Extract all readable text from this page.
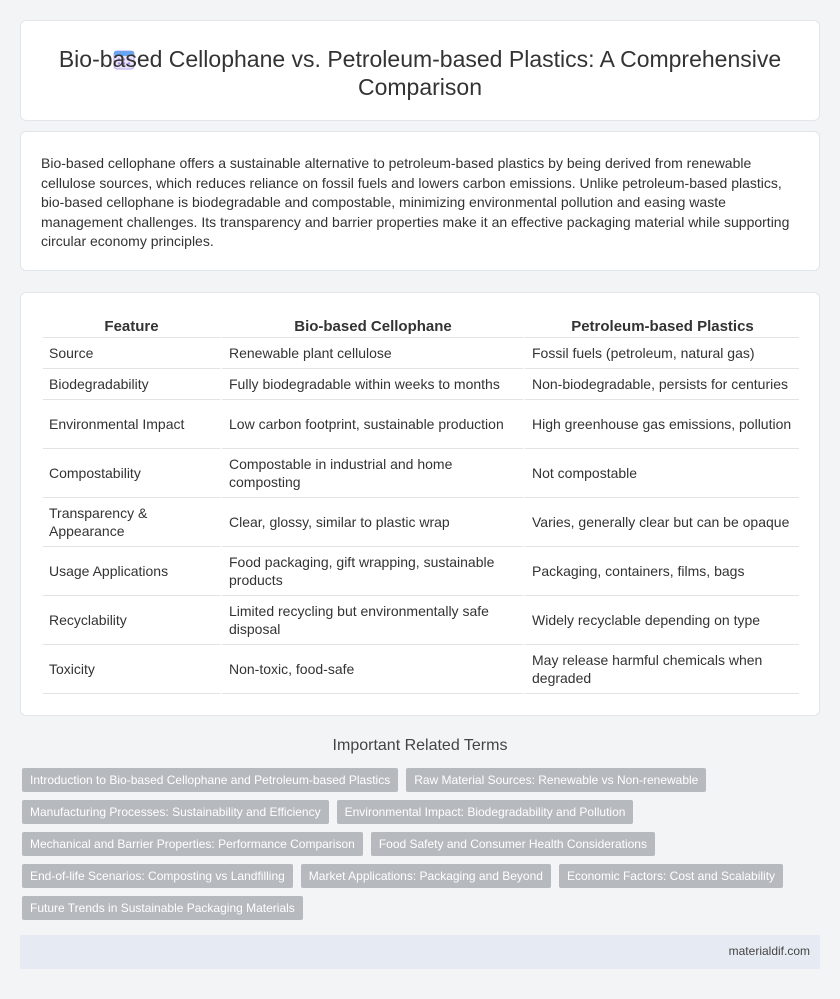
Bio-based Cellophane vs. Petroleum-based Plastics: A Comprehensive Comparison

Bio-based cellophane offers a sustainable alternative to petroleum-based plastics by being derived from renewable cellulose sources, which reduces reliance on fossil fuels and lowers carbon emissions. Unlike petroleum-based plastics, bio-based cellophane is biodegradable and compostable, minimizing environmental pollution and easing waste management challenges. Its transparency and barrier properties make it an effective packaging material while supporting circular economy principles.

Feature	Bio-based Cellophane	Petroleum-based Plastics
Source	Renewable plant cellulose	Fossil fuels (petroleum, natural gas)
Biodegradability	Fully biodegradable within weeks to months	Non-biodegradable, persists for centuries
Environmental Impact	Low carbon footprint, sustainable production	High greenhouse gas emissions, pollution
Compostability	Compostable in industrial and home composting	Not compostable
Transparency & Appearance	Clear, glossy, similar to plastic wrap	Varies, generally clear but can be opaque
Usage Applications	Food packaging, gift wrapping, sustainable products	Packaging, containers, films, bags
Recyclability	Limited recycling but environmentally safe disposal	Widely recyclable depending on type
Toxicity	Non-toxic, food-safe	May release harmful chemicals when degraded
Important Related Terms
Introduction to Bio-based Cellophane and Petroleum-based Plastics	Raw Material Sources: Renewable vs Non-renewable
Manufacturing Processes: Sustainability and Efficiency	Environmental Impact: Biodegradability and Pollution
Mechanical and Barrier Properties: Performance Comparison	Food Safety and Consumer Health Considerations
End-of-life Scenarios: Composting vs Landfilling	Market Applications: Packaging and Beyond	Economic Factors: Cost and Scalability
Future Trends in Sustainable Packaging Materials
materialdif.com
